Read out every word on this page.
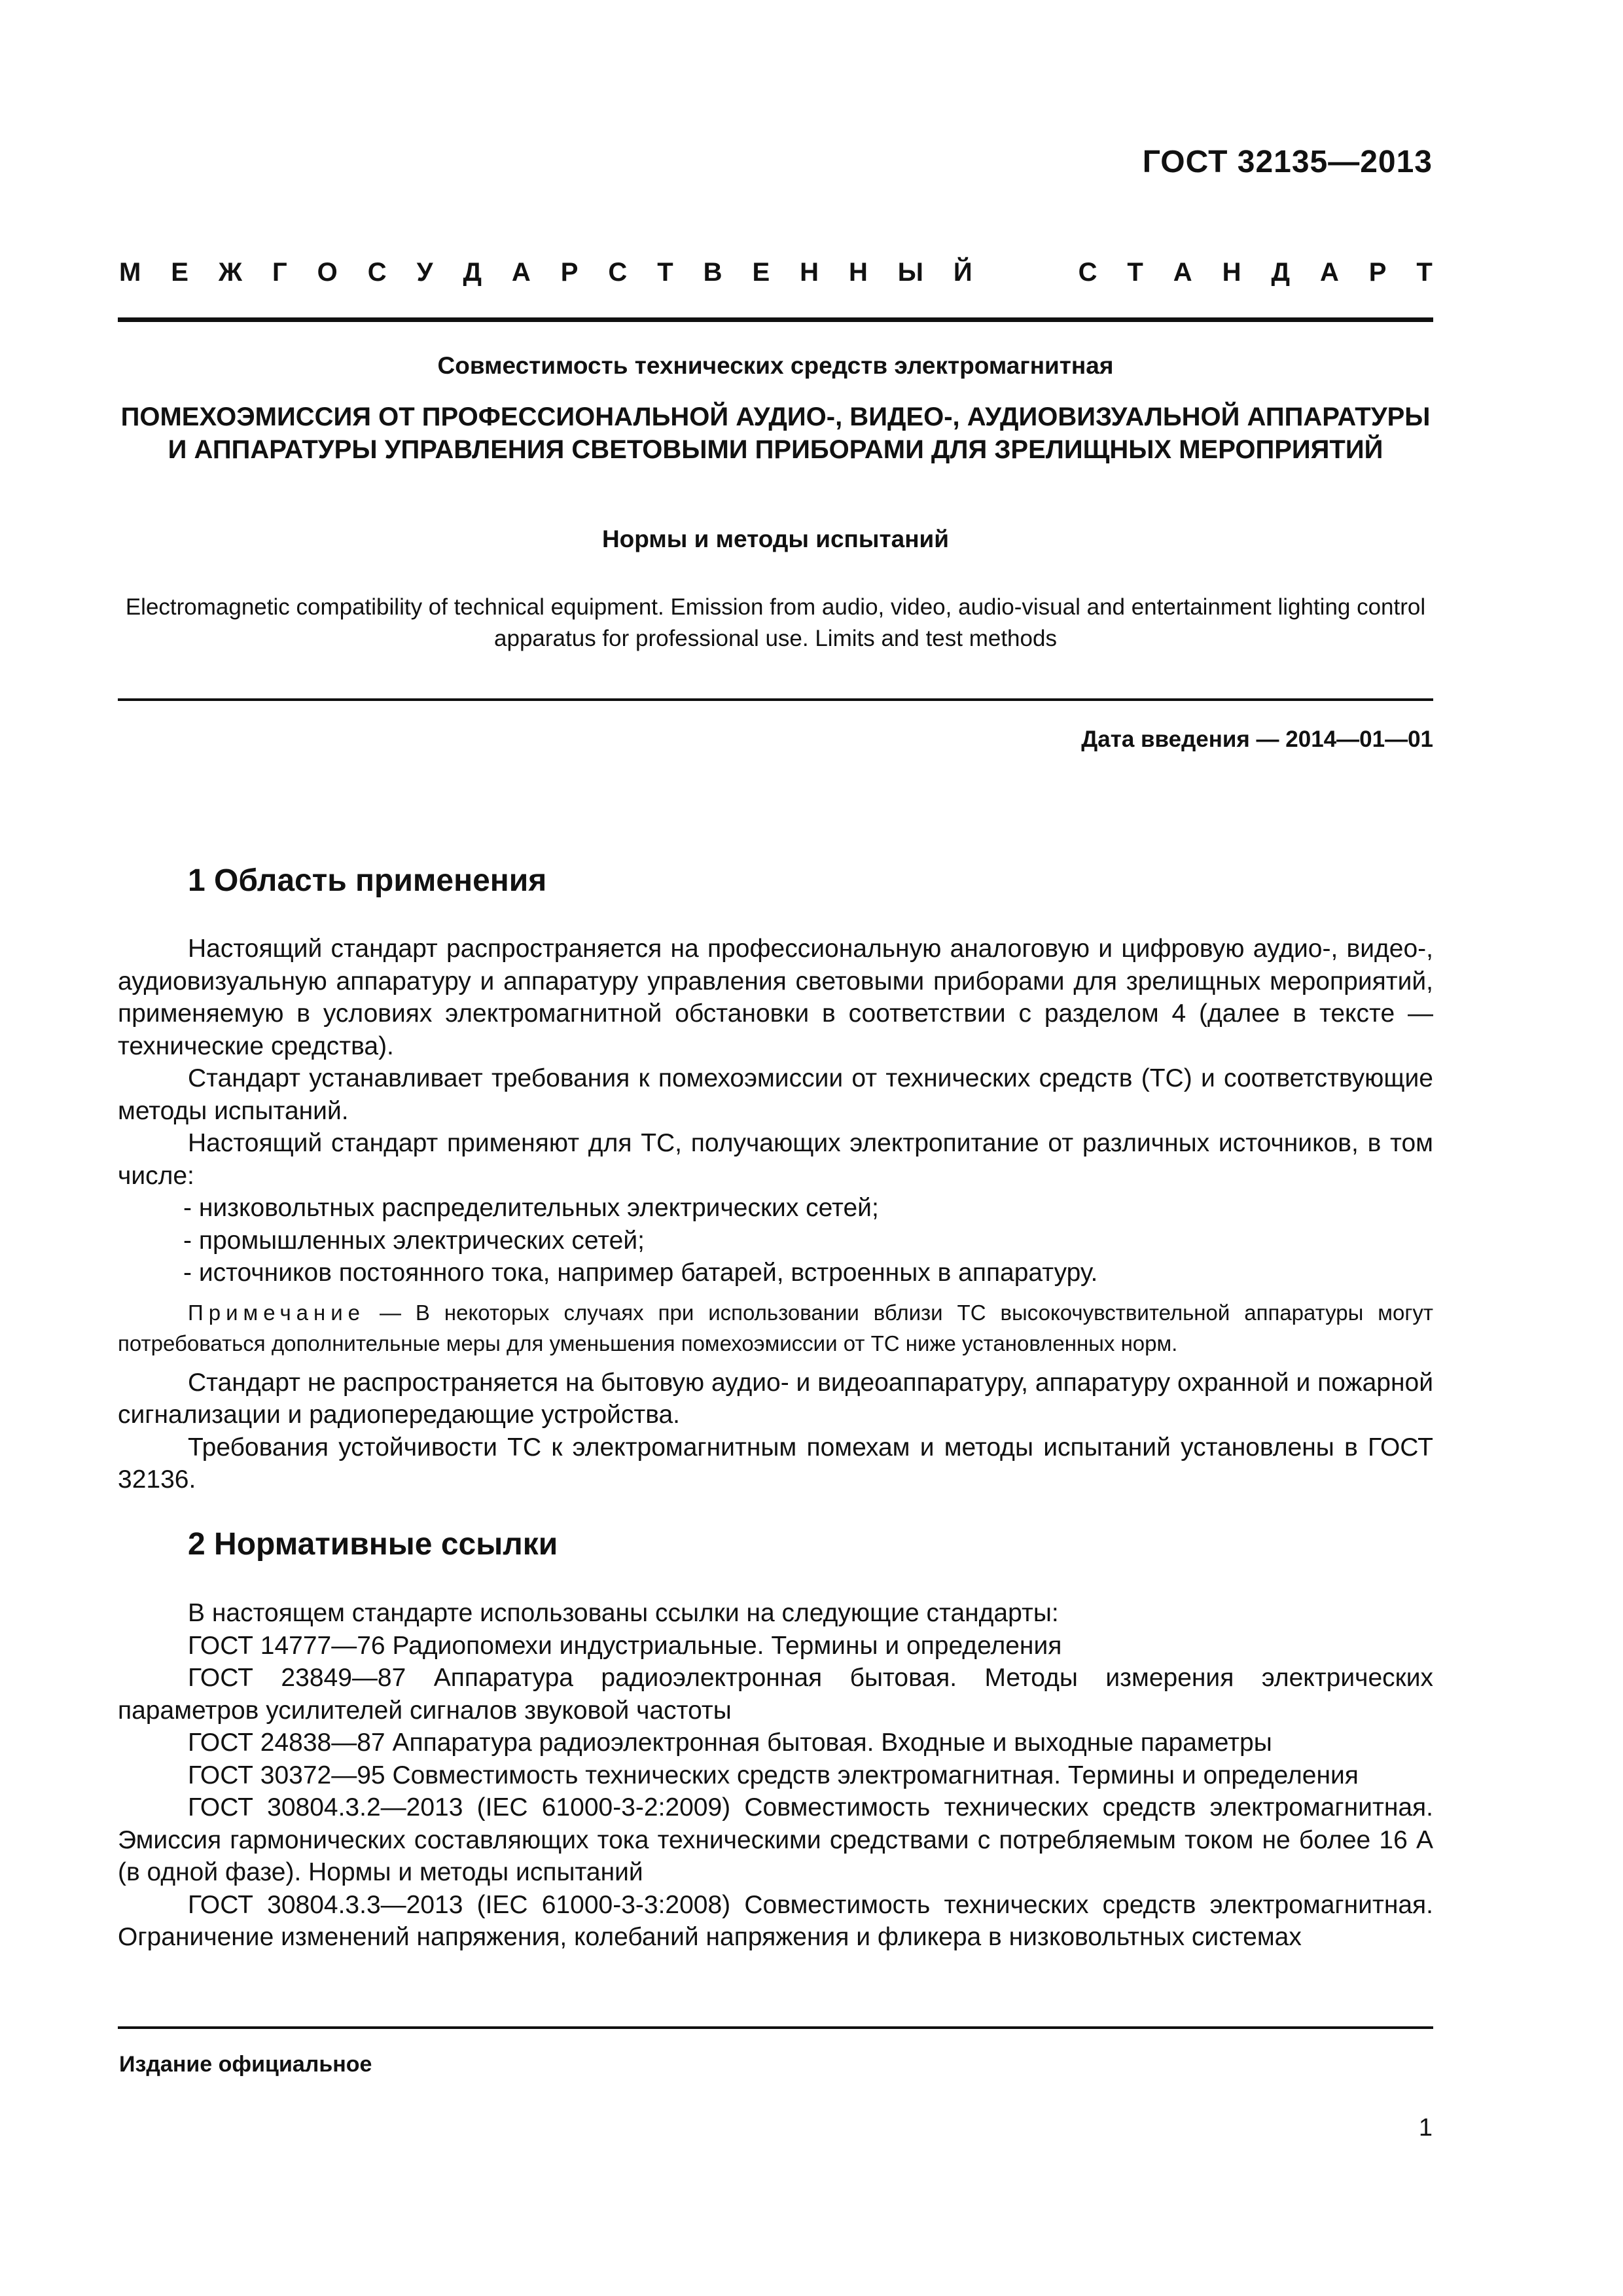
ГОСТ 32135—2013
М Е Ж Г О С У Д А Р С Т В Е Н Н Ы Й	С Т А Н Д А Р Т
Совместимость технических средств электромагнитная
ПОМЕХОЭМИССИЯ ОТ ПРОФЕССИОНАЛЬНОЙ АУДИО-, ВИДЕО-, АУДИОВИЗУАЛЬНОЙ АППАРАТУРЫ И АППАРАТУРЫ УПРАВЛЕНИЯ СВЕТОВЫМИ ПРИБОРАМИ ДЛЯ ЗРЕЛИЩНЫХ МЕРОПРИЯТИЙ
Нормы и методы испытаний
Electromagnetic compatibility of technical equipment. Emission from audio, video, audio-visual and entertainment lighting control apparatus for professional use. Limits and test methods
Дата введения — 2014—01—01
1 Область применения

Настоящий стандарт распространяется на профессиональную аналоговую и цифровую аудио-, видео-, аудиовизуальную аппаратуру и аппаратуру управления световыми приборами для зрелищных мероприятий, применяемую в условиях электромагнитной обстановки в соответствии с разделом 4 (далее в тексте — технические средства).

Стандарт устанавливает требования к помехоэмиссии от технических средств (ТС) и соответствующие методы испытаний.

Настоящий стандарт применяют для ТС, получающих электропитание от различных источников, в том числе:

- низковольтных распределительных электрических сетей;

- промышленных электрических сетей;

- источников постоянного тока, например батарей, встроенных в аппаратуру.

Примечание — В некоторых случаях при использовании вблизи ТС высокочувствительной аппаратуры могут потребоваться дополнительные меры для уменьшения помехоэмиссии от ТС ниже установленных норм.

Стандарт не распространяется на бытовую аудио- и видеоаппаратуру, аппаратуру охранной и пожарной сигнализации и радиопередающие устройства.

Требования устойчивости ТС к электромагнитным помехам и методы испытаний установлены в ГОСТ 32136.

2 Нормативные ссылки

В настоящем стандарте использованы ссылки на следующие стандарты:

ГОСТ 14777—76 Радиопомехи индустриальные. Термины и определения

ГОСТ 23849—87 Аппаратура радиоэлектронная бытовая. Методы измерения электрических параметров усилителей сигналов звуковой частоты

ГОСТ 24838—87 Аппаратура радиоэлектронная бытовая. Входные и выходные параметры

ГОСТ 30372—95 Совместимость технических средств электромагнитная. Термины и определения

ГОСТ 30804.3.2—2013 (IEC 61000-3-2:2009) Совместимость технических средств электромагнитная. Эмиссия гармонических составляющих тока техническими средствами с потребляемым током не более 16 А (в одной фазе). Нормы и методы испытаний

ГОСТ 30804.3.3—2013 (IEC 61000-3-3:2008) Совместимость технических средств электромагнитная. Ограничение изменений напряжения, колебаний напряжения и фликера в низковольтных системах

Издание официальное
1
